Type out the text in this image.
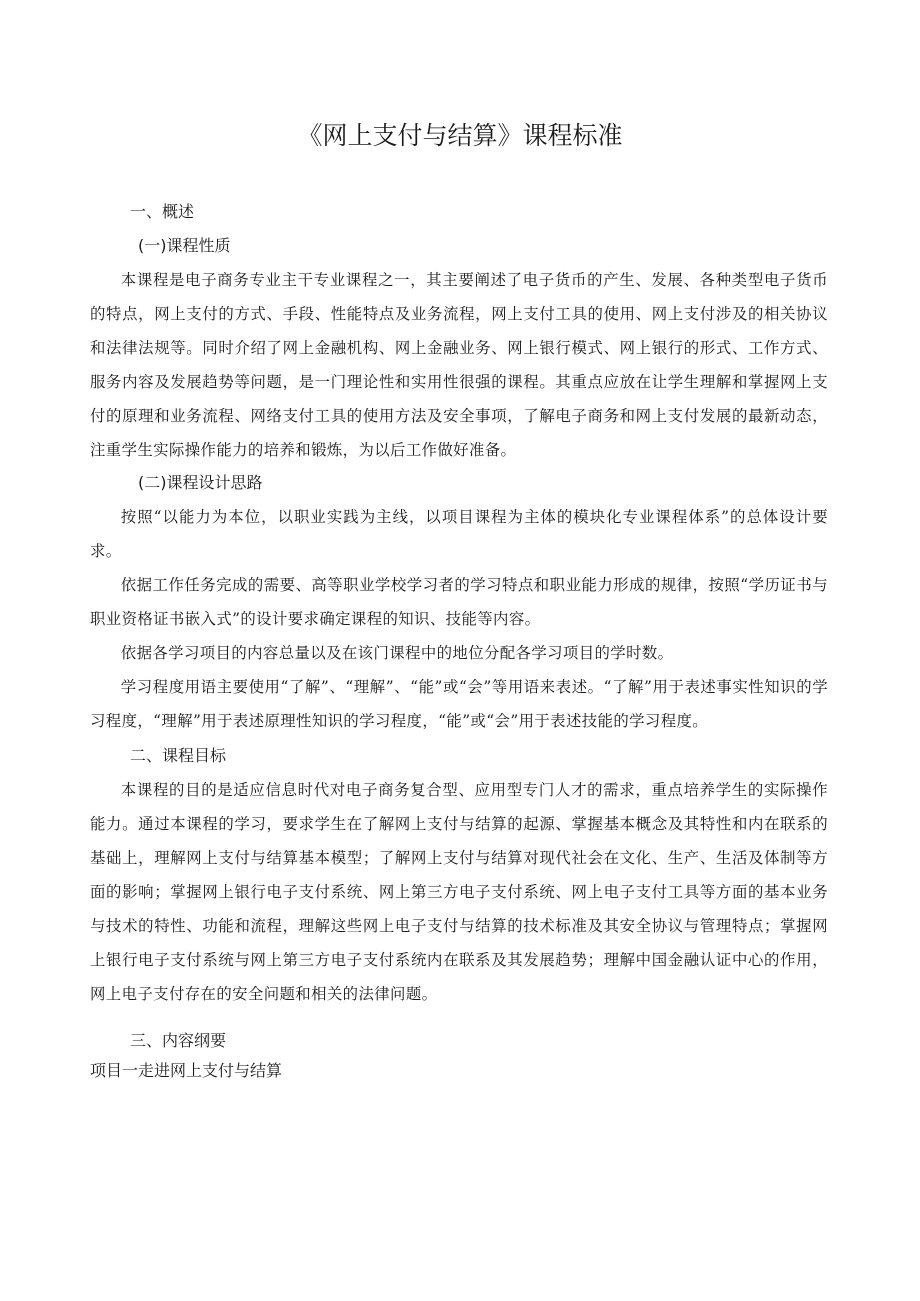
《网上支付与结算》课程标准

一、概述

(一)课程性质

本课程是电子商务专业主干专业课程之一，其主要阐述了电子货币的产生、发展、各种类型电子货币的特点，网上支付的方式、手段、性能特点及业务流程，网上支付工具的使用、网上支付涉及的相关协议和法律法规等。同时介绍了网上金融机构、网上金融业务、网上银行模式、网上银行的形式、工作方式、服务内容及发展趋势等问题，是一门理论性和实用性很强的课程。其重点应放在让学生理解和掌握网上支付的原理和业务流程、网络支付工具的使用方法及安全事项，了解电子商务和网上支付发展的最新动态，注重学生实际操作能力的培养和锻炼，为以后工作做好准备。

(二)课程设计思路

按照“以能力为本位，以职业实践为主线，以项目课程为主体的模块化专业课程体系”的总体设计要求。

依据工作任务完成的需要、高等职业学校学习者的学习特点和职业能力形成的规律，按照“学历证书与职业资格证书嵌入式”的设计要求确定课程的知识、技能等内容。

依据各学习项目的内容总量以及在该门课程中的地位分配各学习项目的学时数。

学习程度用语主要使用“了解”、“理解”、“能”或“会”等用语来表述。“了解”用于表述事实性知识的学习程度，“理解”用于表述原理性知识的学习程度，“能”或“会”用于表述技能的学习程度。

二、课程目标

本课程的目的是适应信息时代对电子商务复合型、应用型专门人才的需求，重点培养学生的实际操作能力。通过本课程的学习，要求学生在了解网上支付与结算的起源、掌握基本概念及其特性和内在联系的基础上，理解网上支付与结算基本模型；了解网上支付与结算对现代社会在文化、生产、生活及体制等方面的影响；掌握网上银行电子支付系统、网上第三方电子支付系统、网上电子支付工具等方面的基本业务与技术的特性、功能和流程，理解这些网上电子支付与结算的技术标准及其安全协议与管理特点；掌握网上银行电子支付系统与网上第三方电子支付系统内在联系及其发展趋势；理解中国金融认证中心的作用，网上电子支付存在的安全问题和相关的法律问题。

三、内容纲要

项目一走进网上支付与结算
